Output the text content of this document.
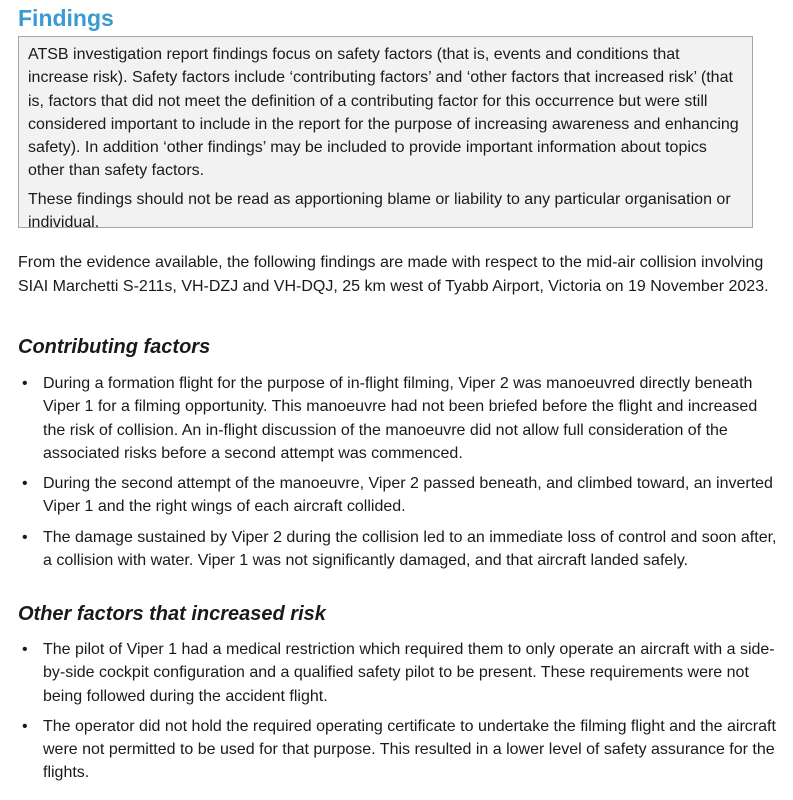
Findings

ATSB investigation report findings focus on safety factors (that is, events and conditions that increase risk). Safety factors include ‘contributing factors’ and ‘other factors that increased risk’ (that is, factors that did not meet the definition of a contributing factor for this occurrence but were still considered important to include in the report for the purpose of increasing awareness and enhancing safety). In addition ‘other findings’ may be included to provide important information about topics other than safety factors.

These findings should not be read as apportioning blame or liability to any particular organisation or individual.

From the evidence available, the following findings are made with respect to the mid-air collision involving SIAI Marchetti S-211s, VH-DZJ and VH-DQJ, 25 km west of Tyabb Airport, Victoria on 19 November 2023.

Contributing factors
• During a formation flight for the purpose of in-flight filming, Viper 2 was manoeuvred directly beneath Viper 1 for a filming opportunity. This manoeuvre had not been briefed before the flight and increased the risk of collision. An in-flight discussion of the manoeuvre did not allow full consideration of the associated risks before a second attempt was commenced.
• During the second attempt of the manoeuvre, Viper 2 passed beneath, and climbed toward, an inverted Viper 1 and the right wings of each aircraft collided.
• The damage sustained by Viper 2 during the collision led to an immediate loss of control and soon after, a collision with water. Viper 1 was not significantly damaged, and that aircraft landed safely.
Other factors that increased risk
• The pilot of Viper 1 had a medical restriction which required them to only operate an aircraft with a side-by-side cockpit configuration and a qualified safety pilot to be present. These requirements were not being followed during the accident flight.
• The operator did not hold the required operating certificate to undertake the filming flight and the aircraft were not permitted to be used for that purpose. This resulted in a lower level of safety assurance for the flights.
